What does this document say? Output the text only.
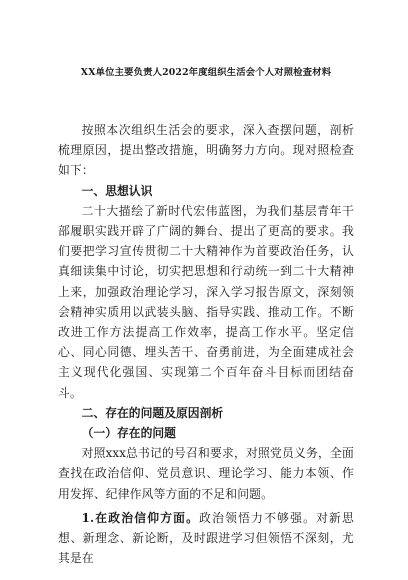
XX单位主要负责人2022年度组织生活会个人对照检查材料

按照本次组织生活会的要求，深入查摆问题，剖析梳理原因，提出整改措施，明确努力方向。现对照检查如下：

一、思想认识

二十大描绘了新时代宏伟蓝图，为我们基层青年干部履职实践开辟了广阔的舞台、提出了更高的要求。我们要把学习宣传贯彻二十大精神作为首要政治任务，认真细读集中讨论，切实把思想和行动统一到二十大精神上来，加强政治理论学习，深入学习报告原文，深刻领会精神实质用以武装头脑、指导实践、推动工作。不断改进工作方法提高工作效率，提高工作水平。坚定信心、同心同德、埋头苦干、奋勇前进，为全面建成社会主义现代化强国、实现第二个百年奋斗目标而团结奋斗。

二、存在的问题及原因剖析

（一）存在的问题

对照xxx总书记的号召和要求，对照党员义务，全面查找在政治信仰、党员意识、理论学习、能力本领、作用发挥、纪律作风等方面的不足和问题。

1.在政治信仰方面。政治领悟力不够强。对新思想、新理念、新论断，及时跟进学习但领悟不深刻，尤其是在
